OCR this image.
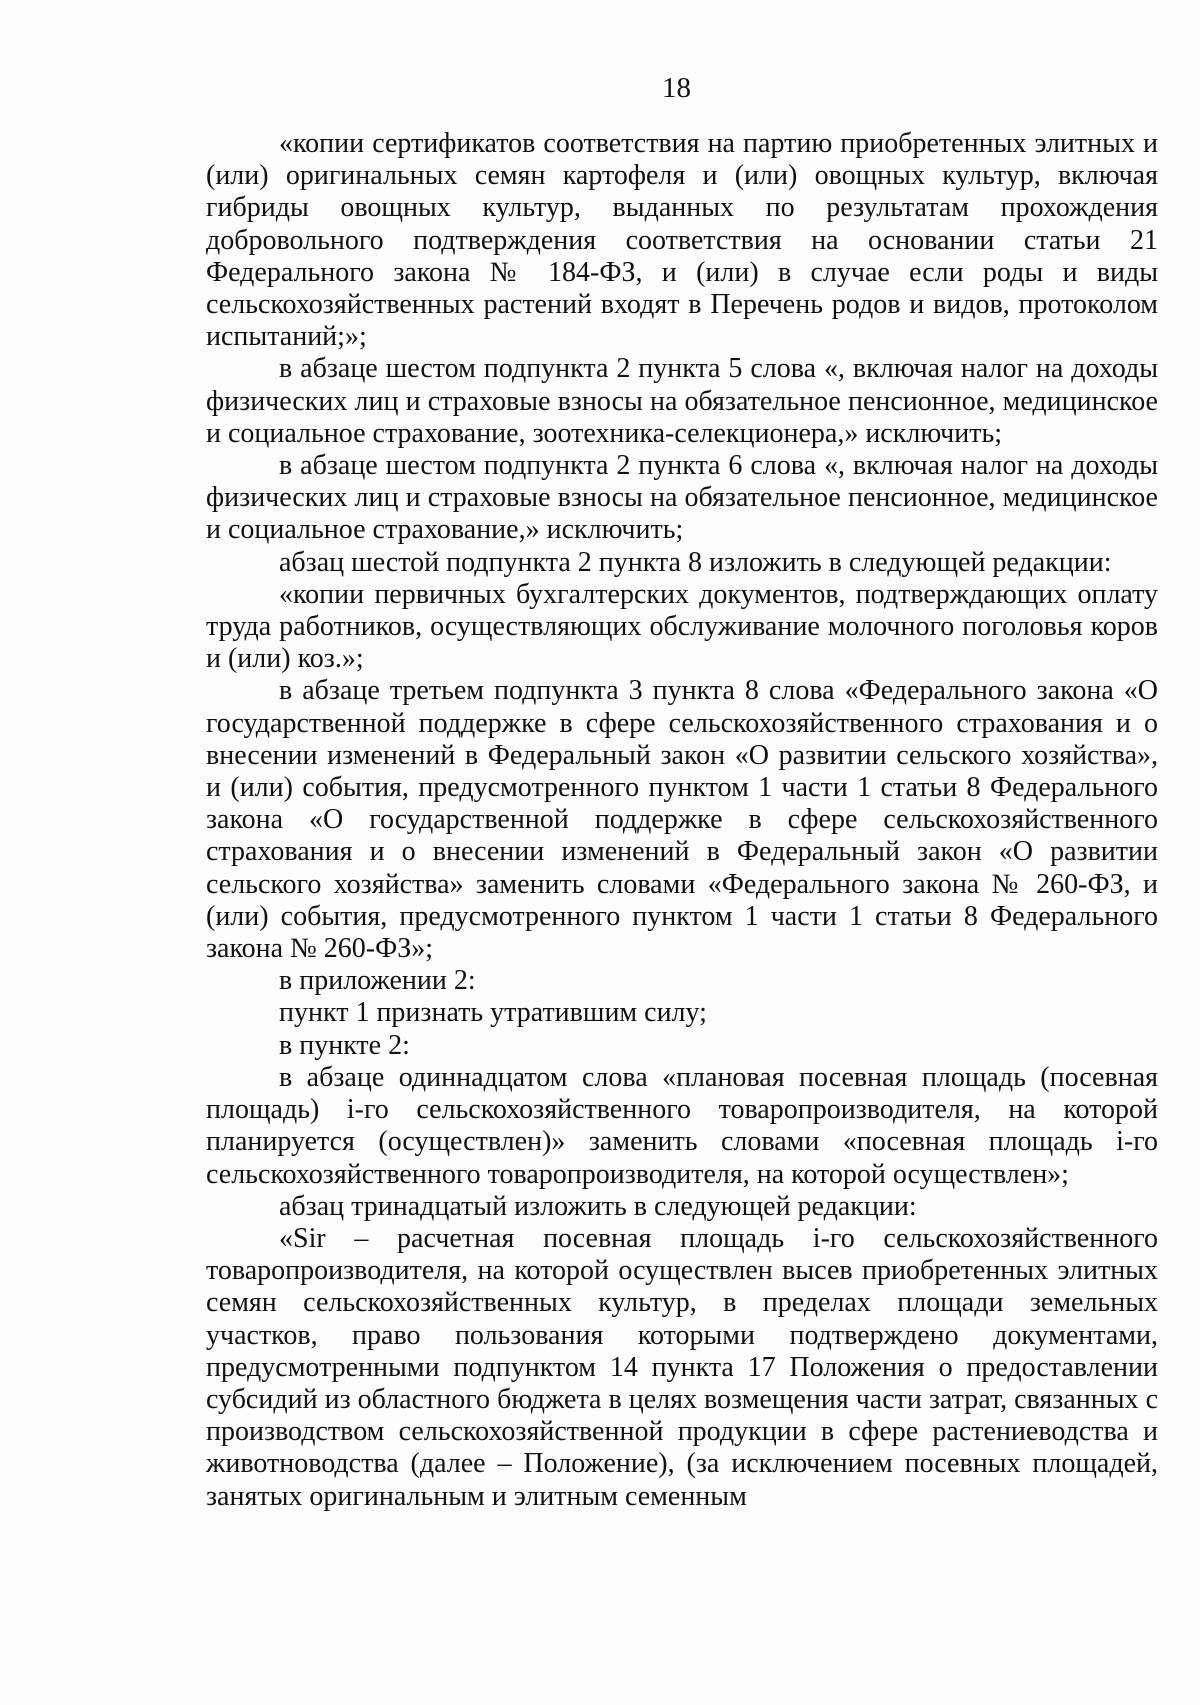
18

«копии сертификатов соответствия на партию приобретенных элитных и (или) оригинальных семян картофеля и (или) овощных культур, включая гибриды овощных культур, выданных по результатам прохождения добровольного подтверждения соответствия на основании статьи 21 Федерального закона № 184-ФЗ, и (или) в случае если роды и виды сельскохозяйственных растений входят в Перечень родов и видов, протоколом испытаний;»;

в абзаце шестом подпункта 2 пункта 5 слова «, включая налог на доходы физических лиц и страховые взносы на обязательное пенсионное, медицинское и социальное страхование, зоотехника-селекционера,» исключить;

в абзаце шестом подпункта 2 пункта 6 слова «, включая налог на доходы физических лиц и страховые взносы на обязательное пенсионное, медицинское и социальное страхование,» исключить;

абзац шестой подпункта 2 пункта 8 изложить в следующей редакции:

«копии первичных бухгалтерских документов, подтверждающих оплату труда работников, осуществляющих обслуживание молочного поголовья коров и (или) коз.»;

в абзаце третьем подпункта 3 пункта 8 слова «Федерального закона «О государственной поддержке в сфере сельскохозяйственного страхования и о внесении изменений в Федеральный закон «О развитии сельского хозяйства», и (или) события, предусмотренного пунктом 1 части 1 статьи 8 Федерального закона «О государственной поддержке в сфере сельскохозяйственного страхования и о внесении изменений в Федеральный закон «О развитии сельского хозяйства» заменить словами «Федерального закона № 260-ФЗ, и (или) события, предусмотренного пунктом 1 части 1 статьи 8 Федерального закона № 260-ФЗ»;

в приложении 2:

пункт 1 признать утратившим силу;

в пункте 2:

в абзаце одиннадцатом слова «плановая посевная площадь (посевная площадь) i-го сельскохозяйственного товаропроизводителя, на которой планируется (осуществлен)» заменить словами «посевная площадь i-го сельскохозяйственного товаропроизводителя, на которой осуществлен»;

абзац тринадцатый изложить в следующей редакции:

«Sir – расчетная посевная площадь i-го сельскохозяйственного товаропроизводителя, на которой осуществлен высев приобретенных элитных семян сельскохозяйственных культур, в пределах площади земельных участков, право пользования которыми подтверждено документами, предусмотренными подпунктом 14 пункта 17 Положения о предоставлении субсидий из областного бюджета в целях возмещения части затрат, связанных с производством сельскохозяйственной продукции в сфере растениеводства и животноводства (далее – Положение), (за исключением посевных площадей, занятых оригинальным и элитным семенным
